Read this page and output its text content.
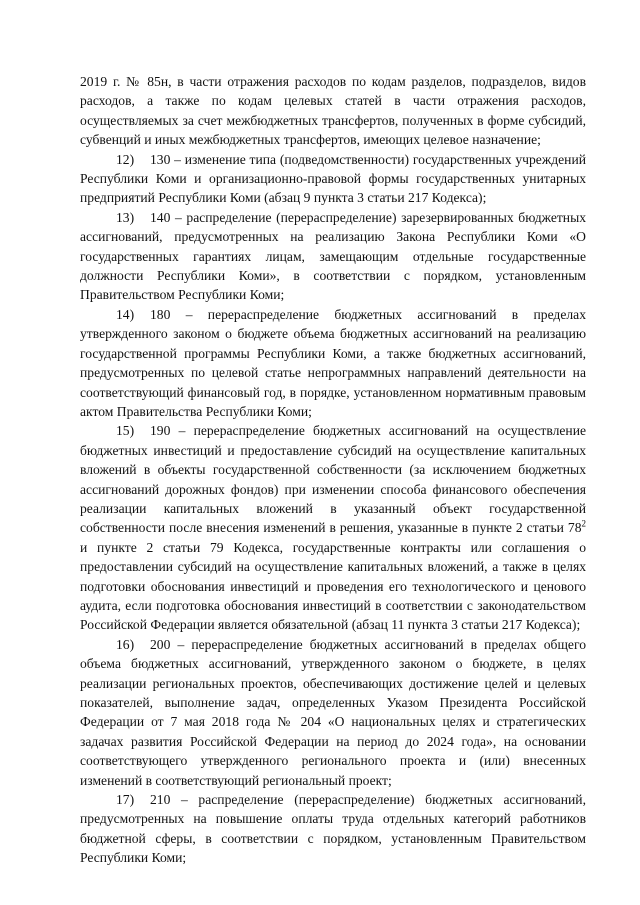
2019 г. № 85н, в части отражения расходов по кодам разделов, подразделов, видов расходов, а также по кодам целевых статей в части отражения расходов, осуществляемых за счет межбюджетных трансфертов, полученных в форме субсидий, субвенций и иных межбюджетных трансфертов, имеющих целевое назначение;

12) 130 – изменение типа (подведомственности) государственных учреждений Республики Коми и организационно-правовой формы государственных унитарных предприятий Республики Коми (абзац 9 пункта 3 статьи 217 Кодекса);

13) 140 – распределение (перераспределение) зарезервированных бюджетных ассигнований, предусмотренных на реализацию Закона Республики Коми «О государственных гарантиях лицам, замещающим отдельные государственные должности Республики Коми», в соответствии с порядком, установленным Правительством Республики Коми;

14) 180 – перераспределение бюджетных ассигнований в пределах утвержденного законом о бюджете объема бюджетных ассигнований на реализацию государственной программы Республики Коми, а также бюджетных ассигнований, предусмотренных по целевой статье непрограммных направлений деятельности на соответствующий финансовый год, в порядке, установленном нормативным правовым актом Правительства Республики Коми;

15) 190 – перераспределение бюджетных ассигнований на осуществление бюджетных инвестиций и предоставление субсидий на осуществление капитальных вложений в объекты государственной собственности (за исключением бюджетных ассигнований дорожных фондов) при изменении способа финансового обеспечения реализации капитальных вложений в указанный объект государственной собственности после внесения изменений в решения, указанные в пункте 2 статьи $78^2$ и пункте 2 статьи 79 Кодекса, государственные контракты или соглашения о предоставлении субсидий на осуществление капитальных вложений, а также в целях подготовки обоснования инвестиций и проведения его технологического и ценового аудита, если подготовка обоснования инвестиций в соответствии с законодательством Российской Федерации является обязательной (абзац 11 пункта 3 статьи 217 Кодекса);

16) 200 – перераспределение бюджетных ассигнований в пределах общего объема бюджетных ассигнований, утвержденного законом о бюджете, в целях реализации региональных проектов, обеспечивающих достижение целей и целевых показателей, выполнение задач, определенных Указом Президента Российской Федерации от 7 мая 2018 года № 204 «О национальных целях и стратегических задачах развития Российской Федерации на период до 2024 года», на основании соответствующего утвержденного регионального проекта и (или) внесенных изменений в соответствующий региональный проект;

17) 210 – распределение (перераспределение) бюджетных ассигнований, предусмотренных на повышение оплаты труда отдельных категорий работников бюджетной сферы, в соответствии с порядком, установленным Правительством Республики Коми;
